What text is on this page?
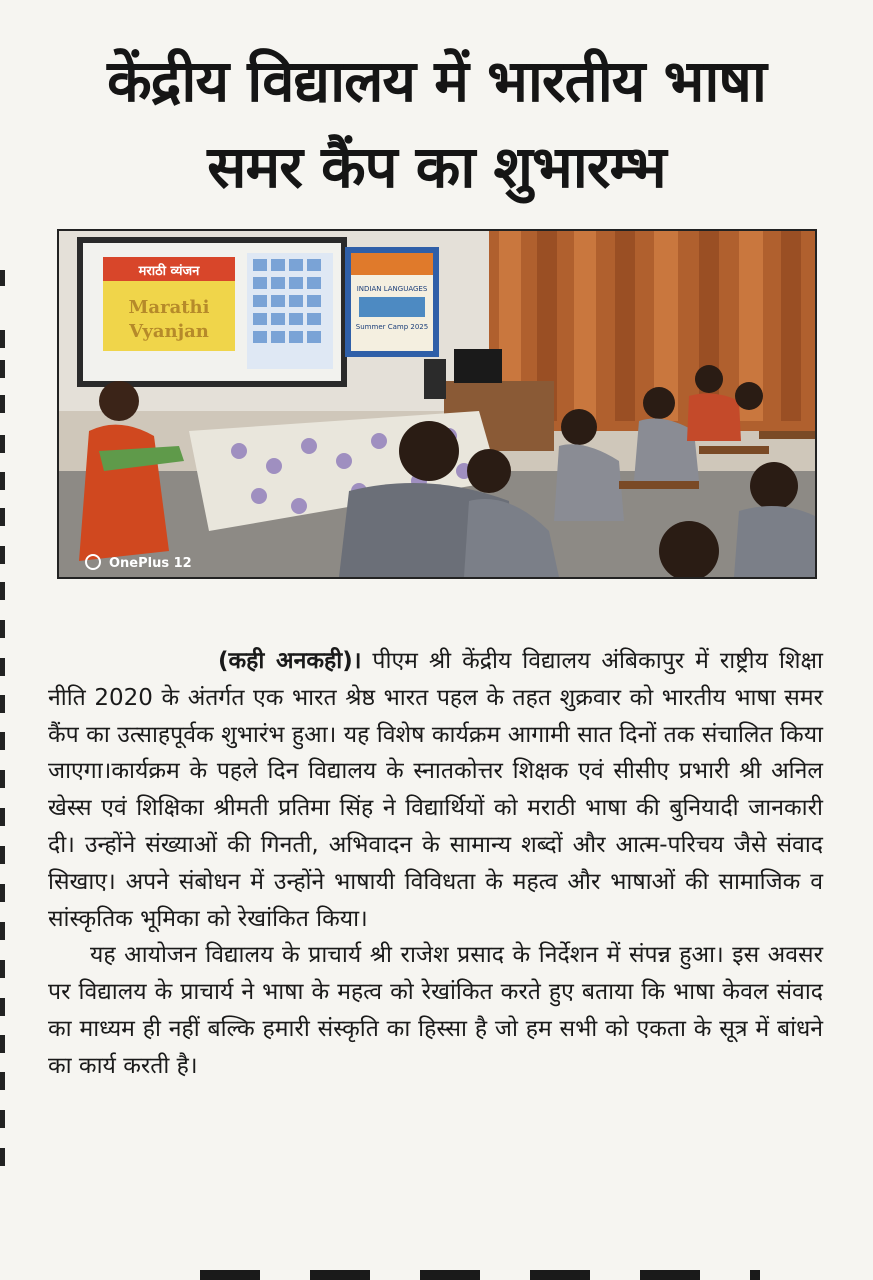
केंद्रीय विद्यालय में भारतीय भाषा
समर कैंप का शुभारम्भ
मराठी व्यंजन
Marathi
Vyanjan
INDIAN LANGUAGES
Summer Camp 2025
OnePlus 12

(कही अनकही)। पीएम श्री केंद्रीय विद्यालय अंबिकापुर में राष्ट्रीय शिक्षा नीति 2020 के अंतर्गत एक भारत श्रेष्ठ भारत पहल के तहत शुक्रवार को भारतीय भाषा समर कैंप का उत्साहपूर्वक शुभारंभ हुआ। यह विशेष कार्यक्रम आगामी सात दिनों तक संचालित किया जाएगा।कार्यक्रम के पहले दिन विद्यालय के स्नातकोत्तर शिक्षक एवं सीसीए प्रभारी श्री अनिल खेस्स एवं शिक्षिका श्रीमती प्रतिमा सिंह ने विद्यार्थियों को मराठी भाषा की बुनियादी जानकारी दी। उन्होंने संख्याओं की गिनती, अभिवादन के सामान्य शब्दों और आत्म-परिचय जैसे संवाद सिखाए। अपने संबोधन में उन्होंने भाषायी विविधता के महत्व और भाषाओं की सामाजिक व सांस्कृतिक भूमिका को रेखांकित किया।

यह आयोजन विद्यालय के प्राचार्य श्री राजेश प्रसाद के निर्देशन में संपन्न हुआ। इस अवसर पर विद्यालय के प्राचार्य ने भाषा के महत्व को रेखांकित करते हुए बताया कि भाषा केवल संवाद का माध्यम ही नहीं बल्कि हमारी संस्कृति का हिस्सा है जो हम सभी को एकता के सूत्र में बांधने का कार्य करती है।
